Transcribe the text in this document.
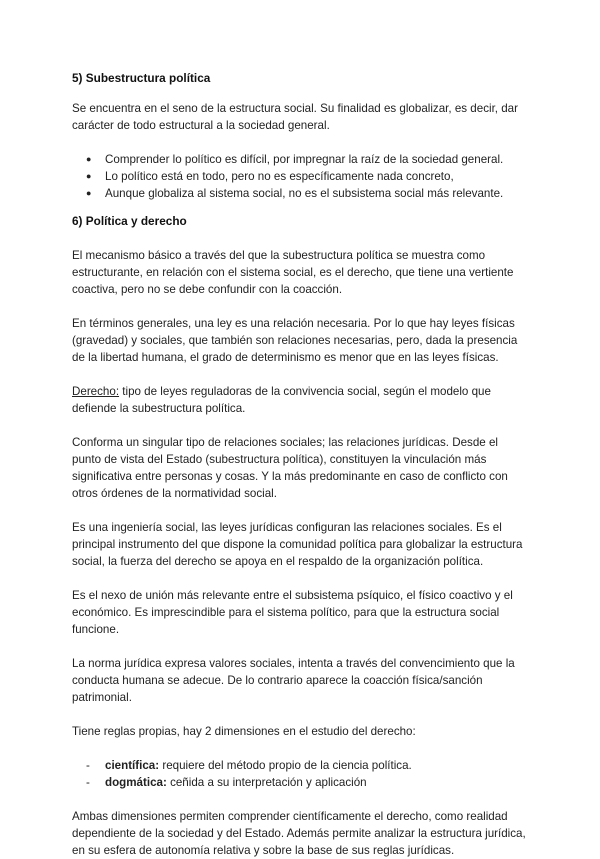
5) Subestructura política

Se encuentra en el seno de la estructura social. Su finalidad es globalizar, es decir, dar carácter de todo estructural a la sociedad general.

● Comprender lo político es difícil, por impregnar la raíz de la sociedad general.
● Lo político está en todo, pero no es específicamente nada concreto,
● Aunque globaliza al sistema social, no es el subsistema social más relevante.
6) Política y derecho

El mecanismo básico a través del que la subestructura política se muestra como estructurante, en relación con el sistema social, es el derecho, que tiene una vertiente coactiva, pero no se debe confundir con la coacción.

En términos generales, una ley es una relación necesaria. Por lo que hay leyes físicas (gravedad) y sociales, que también son relaciones necesarias, pero, dada la presencia de la libertad humana, el grado de determinismo es menor que en las leyes físicas.

Derecho: tipo de leyes reguladoras de la convivencia social, según el modelo que defiende la subestructura política.

Conforma un singular tipo de relaciones sociales; las relaciones jurídicas. Desde el punto de vista del Estado (subestructura política), constituyen la vinculación más significativa entre personas y cosas. Y la más predominante en caso de conflicto con otros órdenes de la normatividad social.

Es una ingeniería social, las leyes jurídicas configuran las relaciones sociales. Es el principal instrumento del que dispone la comunidad política para globalizar la estructura social, la fuerza del derecho se apoya en el respaldo de la organización política.

Es el nexo de unión más relevante entre el subsistema psíquico, el físico coactivo y el económico. Es imprescindible para el sistema político, para que la estructura social funcione.

La norma jurídica expresa valores sociales, intenta a través del convencimiento que la conducta humana se adecue. De lo contrario aparece la coacción física/sanción patrimonial.

Tiene reglas propias, hay 2 dimensiones en el estudio del derecho:

- científica: requiere del método propio de la ciencia política.
- dogmática: ceñida a su interpretación y aplicación

Ambas dimensiones permiten comprender científicamente el derecho, como realidad dependiente de la sociedad y del Estado. Además permite analizar la estructura jurídica, en su esfera de autonomía relativa y sobre la base de sus reglas jurídicas.
